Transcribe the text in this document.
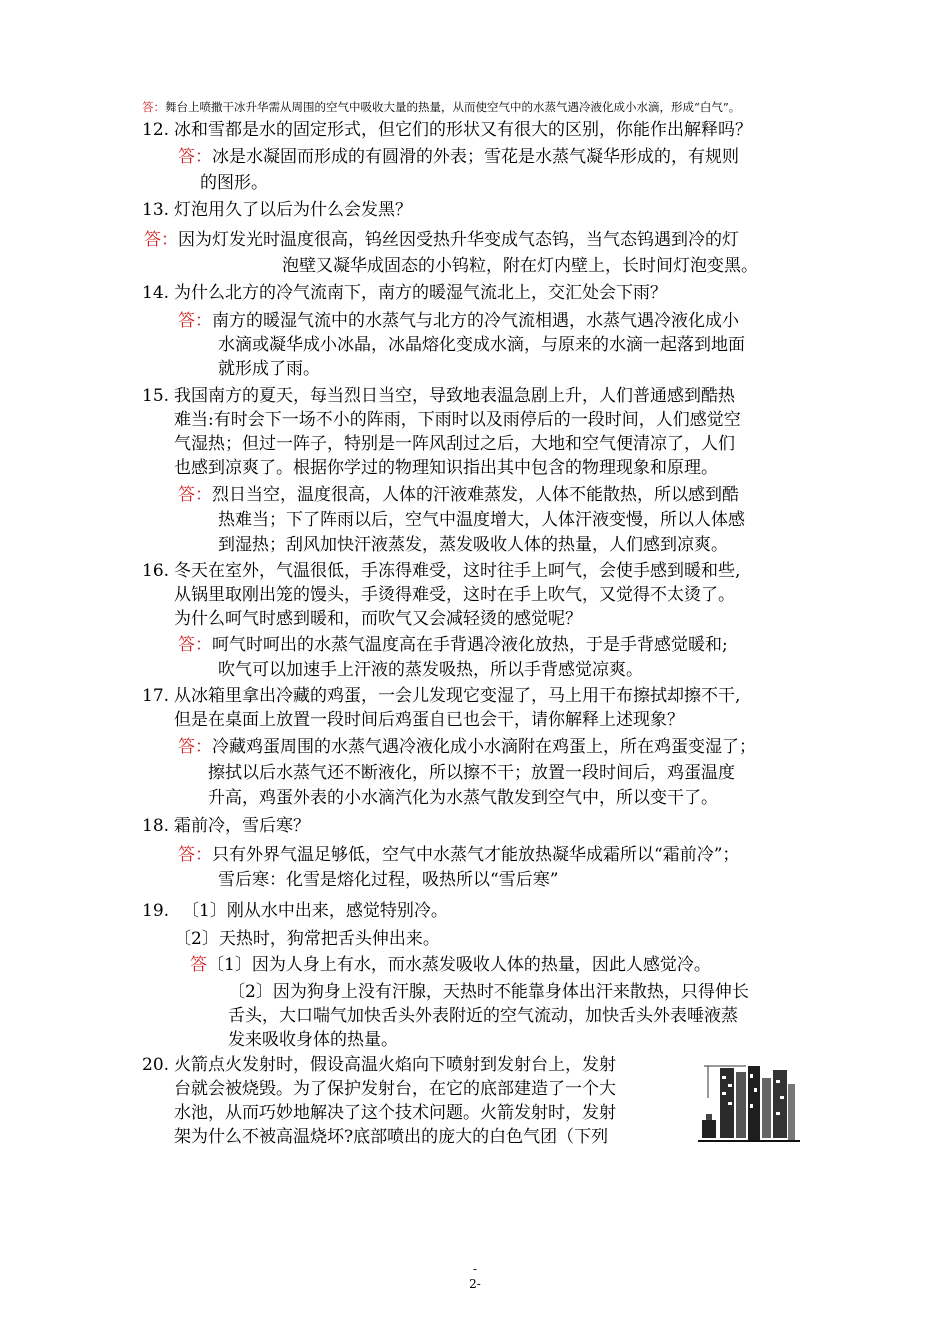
答：舞台上喷撒干冰升华需从周围的空气中吸收大量的热量，从而使空气中的水蒸气遇冷液化成小水滴，形成“白气”。
12. 冰和雪都是水的固定形式，但它们的形状又有很大的区别，你能作出解释吗？
答：冰是水凝固而形成的有圆滑的外表；雪花是水蒸气凝华形成的，有规则
的图形。
13. 灯泡用久了以后为什么会发黑？
答：因为灯发光时温度很高，钨丝因受热升华变成气态钨，当气态钨遇到冷的灯
泡壁又凝华成固态的小钨粒，附在灯内壁上，长时间灯泡变黑。
14. 为什么北方的冷气流南下，南方的暖湿气流北上，交汇处会下雨？
答：南方的暖湿气流中的水蒸气与北方的冷气流相遇，水蒸气遇冷液化成小
水滴或凝华成小冰晶，冰晶熔化变成水滴，与原来的水滴一起落到地面
就形成了雨。
15. 我国南方的夏天，每当烈日当空，导致地表温急剧上升，人们普通感到酷热
难当:有时会下一场不小的阵雨，下雨时以及雨停后的一段时间，人们感觉空
气湿热；但过一阵子，特别是一阵风刮过之后，大地和空气便清凉了，人们
也感到凉爽了。根据你学过的物理知识指出其中包含的物理现象和原理。
答：烈日当空，温度很高，人体的汗液难蒸发，人体不能散热，所以感到酷
热难当；下了阵雨以后，空气中温度增大，人体汗液变慢，所以人体感
到湿热；刮风加快汗液蒸发，蒸发吸收人体的热量，人们感到凉爽。
16. 冬天在室外，气温很低，手冻得难受，这时往手上呵气，会使手感到暖和些,
从锅里取刚出笼的馒头，手烫得难受，这时在手上吹气，又觉得不太烫了。
为什么呵气时感到暖和，而吹气又会减轻烫的感觉呢？
答：呵气时呵出的水蒸气温度高在手背遇冷液化放热，于是手背感觉暖和;
吹气可以加速手上汗液的蒸发吸热，所以手背感觉凉爽。
17. 从冰箱里拿出冷藏的鸡蛋，一会儿发现它变湿了，马上用干布擦拭却擦不干,
但是在桌面上放置一段时间后鸡蛋自已也会干，请你解释上述现象？
答：冷藏鸡蛋周围的水蒸气遇冷液化成小水滴附在鸡蛋上，所在鸡蛋变湿了；
擦拭以后水蒸气还不断液化，所以擦不干；放置一段时间后，鸡蛋温度
升高，鸡蛋外表的小水滴汽化为水蒸气散发到空气中，所以变干了。
18. 霜前冷，雪后寒？
答：只有外界气温足够低，空气中水蒸气才能放热凝华成霜所以“霜前冷”；
雪后寒：化雪是熔化过程，吸热所以“雪后寒”
19. 〔1〕刚从水中出来，感觉特别冷。
〔2〕天热时，狗常把舌头伸出来。
答〔1〕因为人身上有水，而水蒸发吸收人体的热量，因此人感觉冷。
〔2〕因为狗身上没有汗腺，天热时不能靠身体出汗来散热，只得伸长
舌头，大口喘气加快舌头外表附近的空气流动，加快舌头外表唾液蒸
发来吸收身体的热量。
20. 火箭点火发射时，假设高温火焰向下喷射到发射台上，发射
台就会被烧毁。为了保护发射台，在它的底部建造了一个大
水池，从而巧妙地解决了这个技术问题。火箭发射时，发射
架为什么不被高温烧坏?底部喷出的庞大的白色气团（下列
-
2-
